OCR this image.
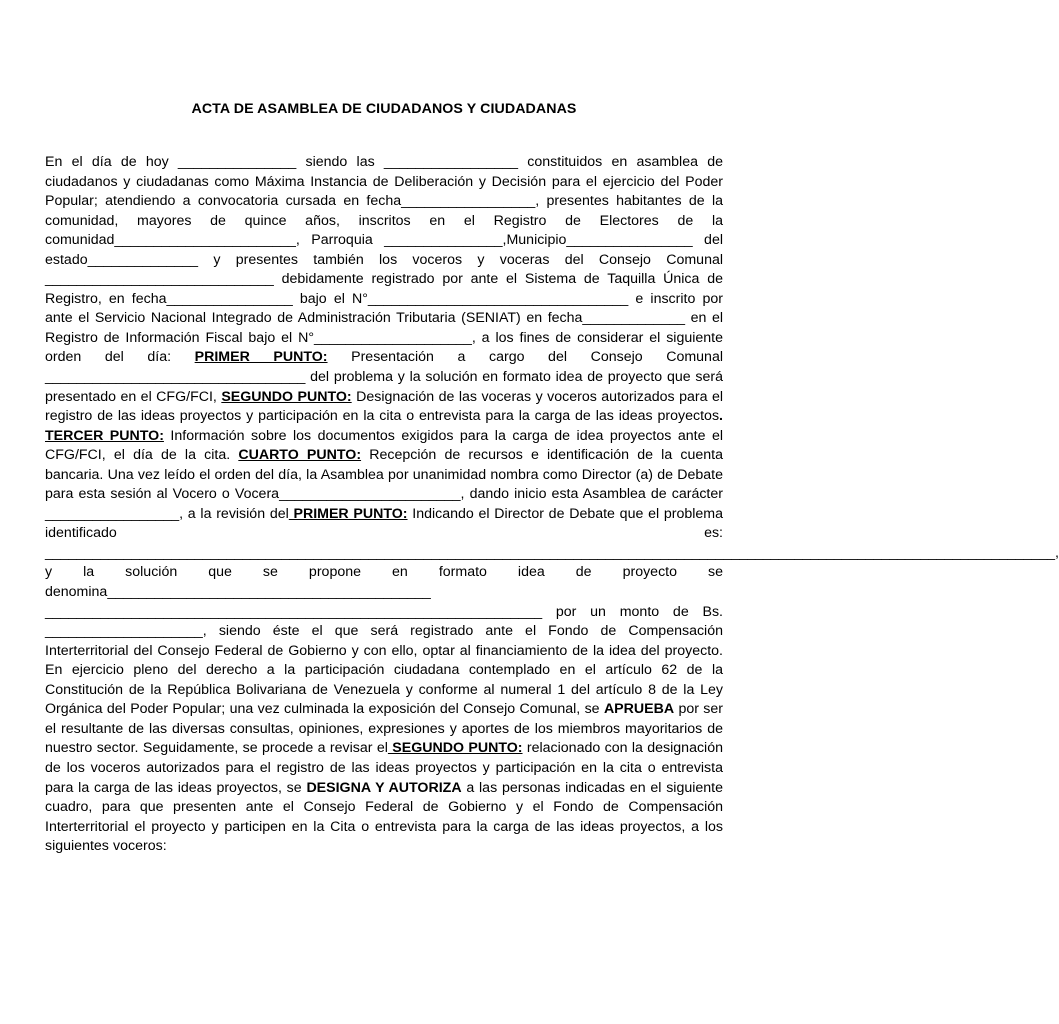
ACTA DE ASAMBLEA DE CIUDADANOS Y CIUDADANAS

En el día de hoy _______________ siendo las _________________ constituidos en asamblea de ciudadanos y ciudadanas como Máxima Instancia de Deliberación y Decisión para el ejercicio del Poder Popular; atendiendo a convocatoria cursada en fecha_________________, presentes habitantes de la comunidad, mayores de quince años, inscritos en el Registro de Electores de la comunidad_______________________, Parroquia _______________,Municipio________________ del estado______________ y presentes también los voceros y voceras del Consejo Comunal _____________________________ debidamente registrado por ante el Sistema de Taquilla Única de Registro, en fecha________________ bajo el N°_________________________________ e inscrito por ante el Servicio Nacional Integrado de Administración Tributaria (SENIAT) en fecha_____________ en el Registro de Información Fiscal bajo el N°____________________, a los fines de considerar el siguiente orden del día: PRIMER PUNTO: Presentación a cargo del Consejo Comunal _________________________________ del problema y la solución en formato idea de proyecto que será presentado en el CFG/FCI, SEGUNDO PUNTO: Designación de las voceras y voceros autorizados para el registro de las ideas proyectos y participación en la cita o entrevista para la carga de las ideas proyectos. TERCER PUNTO: Información sobre los documentos exigidos para la carga de idea proyectos ante el CFG/FCI, el día de la cita. CUARTO PUNTO: Recepción de recursos e identificación de la cuenta bancaria. Una vez leído el orden del día, la Asamblea por unanimidad nombra como Director (a) de Debate para esta sesión al Vocero o Vocera_______________________, dando inicio esta Asamblea de carácter _________________, a la revisión del PRIMER PUNTO: Indicando el Director de Debate que el problema identificado es: ________________________________________________________________________________________________________________________________, y la solución que se propone en formato idea de proyecto se denomina_________________________________________ _______________________________________________________________ por un monto de Bs. ____________________, siendo éste el que será registrado ante el Fondo de Compensación Interterritorial del Consejo Federal de Gobierno y con ello, optar al financiamiento de la idea del proyecto. En ejercicio pleno del derecho a la participación ciudadana contemplado en el artículo 62 de la Constitución de la República Bolivariana de Venezuela y conforme al numeral 1 del artículo 8 de la Ley Orgánica del Poder Popular; una vez culminada la exposición del Consejo Comunal, se APRUEBA por ser el resultante de las diversas consultas, opiniones, expresiones y aportes de los miembros mayoritarios de nuestro sector. Seguidamente, se procede a revisar el SEGUNDO PUNTO: relacionado con la designación de los voceros autorizados para el registro de las ideas proyectos y participación en la cita o entrevista para la carga de las ideas proyectos, se DESIGNA Y AUTORIZA a las personas indicadas en el siguiente cuadro, para que presenten ante el Consejo Federal de Gobierno y el Fondo de Compensación Interterritorial el proyecto y participen en la Cita o entrevista para la carga de las ideas proyectos, a los siguientes voceros:
